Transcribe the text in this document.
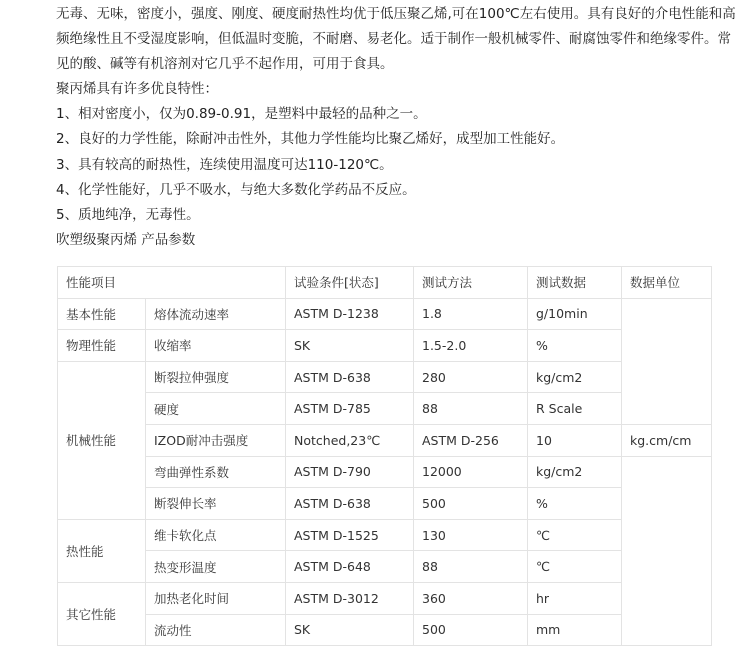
无毒、无味，密度小，强度、刚度、硬度耐热性均优于低压聚乙烯,可在100℃左右使用。具有良好的介电性能和高频绝缘性且不受湿度影响，但低温时变脆，不耐磨、易老化。适于制作一般机械零件、耐腐蚀零件和绝缘零件。常见的酸、碱等有机溶剂对它几乎不起作用，可用于食具。

聚丙烯具有许多优良特性：

1、相对密度小，仅为0.89-0.91，是塑料中最轻的品种之一。
2、良好的力学性能，除耐冲击性外，其他力学性能均比聚乙烯好，成型加工性能好。
3、具有较高的耐热性，连续使用温度可达110-120℃。
4、化学性能好，几乎不吸水，与绝大多数化学药品不反应。
5、质地纯净，无毒性。

吹塑级聚丙烯 产品参数

性能项目		试验条件[状态]	测试方法	测试数据	数据单位
基本性能	熔体流动速率	ASTM D-1238	1.8	g/10min	
物理性能	收缩率	SK	1.5-2.0	%	
机械性能	断裂拉伸强度	ASTM D-638	280	kg/cm2	
	硬度	ASTM D-785	88	R Scale	
	IZOD耐冲击强度	Notched,23℃	ASTM D-256	10	kg.cm/cm
	弯曲弹性系数	ASTM D-790	12000	kg/cm2	
	断裂伸长率	ASTM D-638	500	%	
热性能	维卡软化点	ASTM D-1525	130	℃	
	热变形温度	ASTM D-648	88	℃	
其它性能	加热老化时间	ASTM D-3012	360	hr	
	流动性	SK	500	mm	
